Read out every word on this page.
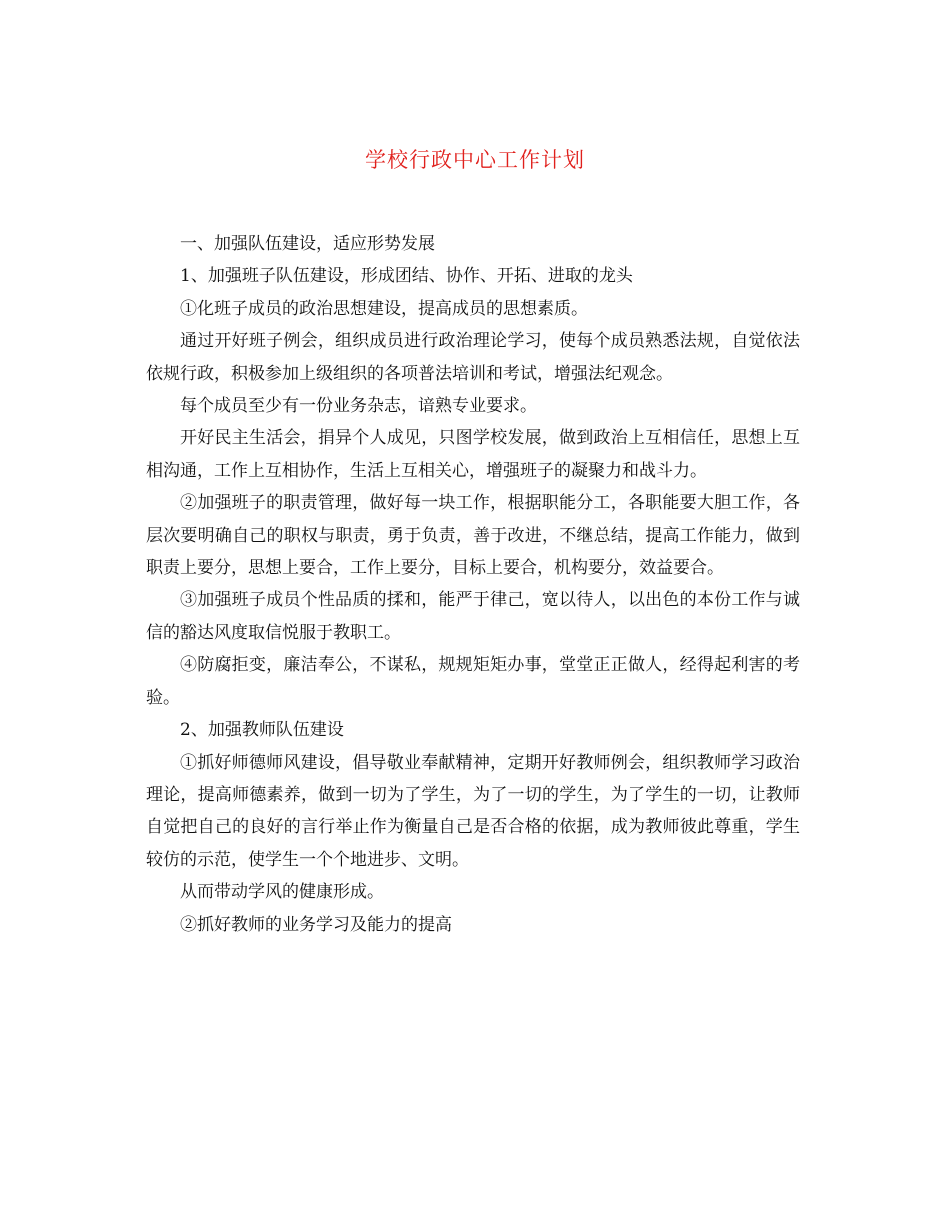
学校行政中心工作计划

一、加强队伍建设，适应形势发展

1、加强班子队伍建设，形成团结、协作、开拓、进取的龙头

①化班子成员的政治思想建设，提高成员的思想素质。

通过开好班子例会，组织成员进行政治理论学习，使每个成员熟悉法规，自觉依法依规行政，积极参加上级组织的各项普法培训和考试，增强法纪观念。

每个成员至少有一份业务杂志，谙熟专业要求。

开好民主生活会，捐异个人成见，只图学校发展，做到政治上互相信任，思想上互相沟通，工作上互相协作，生活上互相关心，增强班子的凝聚力和战斗力。

②加强班子的职责管理，做好每一块工作，根据职能分工，各职能要大胆工作，各层次要明确自己的职权与职责，勇于负责，善于改进，不继总结，提高工作能力，做到职责上要分，思想上要合，工作上要分，目标上要合，机构要分，效益要合。

③加强班子成员个性品质的揉和，能严于律己，宽以待人，以出色的本份工作与诚信的豁达风度取信悦服于教职工。

④防腐拒变，廉洁奉公，不谋私，规规矩矩办事，堂堂正正做人，经得起利害的考验。

2、加强教师队伍建设

①抓好师德师风建设，倡导敬业奉献精神，定期开好教师例会，组织教师学习政治理论，提高师德素养，做到一切为了学生，为了一切的学生，为了学生的一切，让教师自觉把自己的良好的言行举止作为衡量自己是否合格的依据，成为教师彼此尊重，学生较仿的示范，使学生一个个地进步、文明。

从而带动学风的健康形成。

②抓好教师的业务学习及能力的提高
